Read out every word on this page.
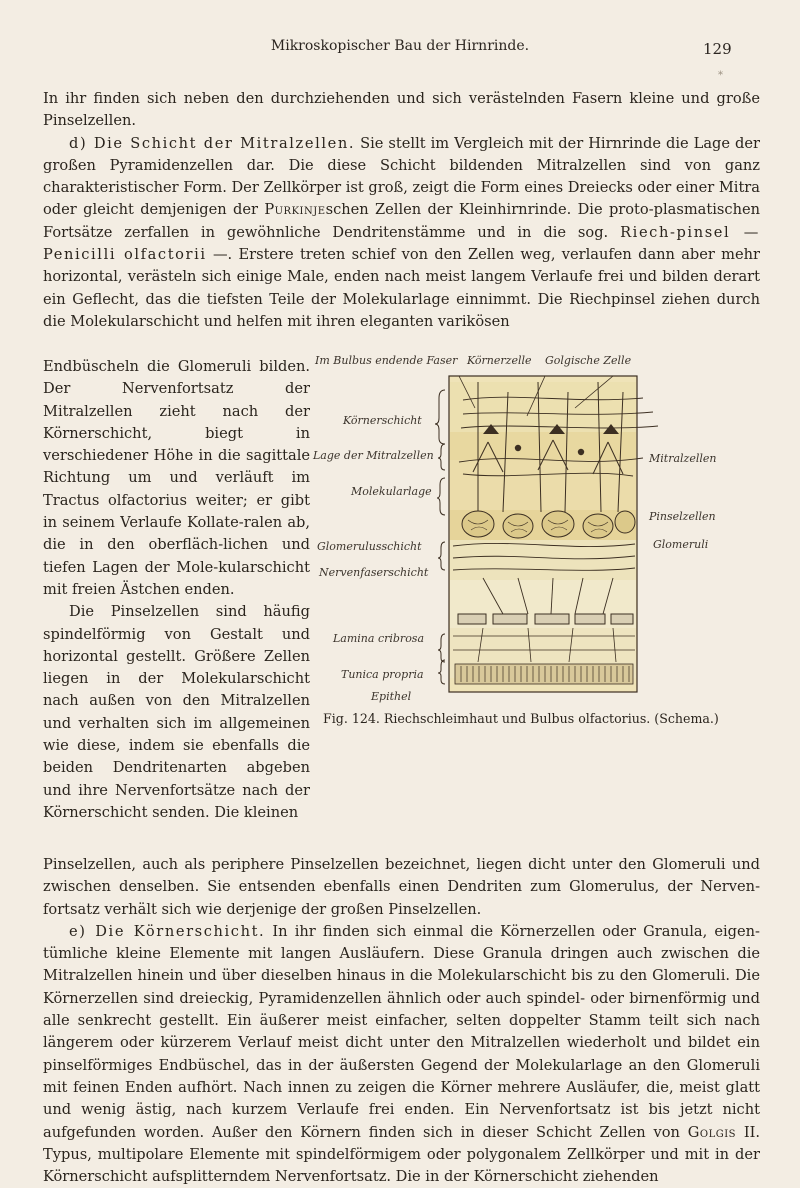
Mikroskopischer Bau der Hirnrinde.	129
*

In ihr finden sich neben den durchziehenden und sich verästelnden Fasern kleine und große Pinselzellen.

d) Die Schicht der Mitralzellen. Sie stellt im Vergleich mit der Hirnrinde die Lage der großen Pyramidenzellen dar. Die diese Schicht bildenden Mitralzellen sind von ganz charakteristischer Form. Der Zellkörper ist groß, zeigt die Form eines Dreiecks oder einer Mitra oder gleicht demjenigen der Purkinjeschen Zellen der Kleinhirnrinde. Die proto-plasmatischen Fortsätze zerfallen in gewöhnliche Dendritenstämme und in die sog. Riech-pinsel — Penicilli olfactorii —. Erstere treten schief von den Zellen weg, verlaufen dann aber mehr horizontal, verästeln sich einige Male, enden nach meist langem Verlaufe frei und bilden derart ein Geflecht, das die tiefsten Teile der Molekularlage einnimmt. Die Riechpinsel ziehen durch die Molekularschicht und helfen mit ihren eleganten varikösen

Endbüscheln die Glomeruli bilden. Der Nervenfortsatz der Mitralzellen zieht nach der Körnerschicht, biegt in verschiedener Höhe in die sagittale Richtung um und verläuft im Tractus olfactorius weiter; er gibt in seinem Verlaufe Kollate-ralen ab, die in den oberfläch-lichen und tiefen Lagen der Mole-kularschicht mit freien Ästchen enden.

Die Pinselzellen sind häufig spindelförmig von Gestalt und horizontal gestellt. Größere Zellen liegen in der Molekularschicht nach außen von den Mitralzellen und verhalten sich im allgemeinen wie diese, indem sie ebenfalls die beiden Dendritenarten abgeben und ihre Nervenfortsätze nach der Körnerschicht senden. Die kleinen

Im Bulbus endende Faser Körnerzelle Golgische Zelle
Körnerschicht
Lage der Mitralzellen
Molekularlage
Glomerulusschicht
Nervenfaserschicht
Lamina cribrosa
Tunica propria
Epithel
Mitralzellen
Pinselzellen
Glomeruli
Fig. 124. Riechschleimhaut und Bulbus olfactorius. (Schema.)

Pinselzellen, auch als periphere Pinselzellen bezeichnet, liegen dicht unter den Glomeruli und zwischen denselben. Sie entsenden ebenfalls einen Dendriten zum Glomerulus, der Nerven-fortsatz verhält sich wie derjenige der großen Pinselzellen.

e) Die Körnerschicht. In ihr finden sich einmal die Körnerzellen oder Granula, eigen-tümliche kleine Elemente mit langen Ausläufern. Diese Granula dringen auch zwischen die Mitralzellen hinein und über dieselben hinaus in die Molekularschicht bis zu den Glomeruli. Die Körnerzellen sind dreieckig, Pyramidenzellen ähnlich oder auch spindel- oder birnenförmig und alle senkrecht gestellt. Ein äußerer meist einfacher, selten doppelter Stamm teilt sich nach längerem oder kürzerem Verlauf meist dicht unter den Mitralzellen wiederholt und bildet ein pinselförmiges Endbüschel, das in der äußersten Gegend der Molekularlage an den Glomeruli mit feinen Enden aufhört. Nach innen zu zeigen die Körner mehrere Ausläufer, die, meist glatt und wenig ästig, nach kurzem Verlaufe frei enden. Ein Nervenfortsatz ist bis jetzt nicht aufgefunden worden. Außer den Körnern finden sich in dieser Schicht Zellen von Golgis II. Typus, multipolare Elemente mit spindelförmigem oder polygonalem Zellkörper und mit in der Körnerschicht aufsplitterndem Nervenfortsatz. Die in der Körnerschicht ziehenden
